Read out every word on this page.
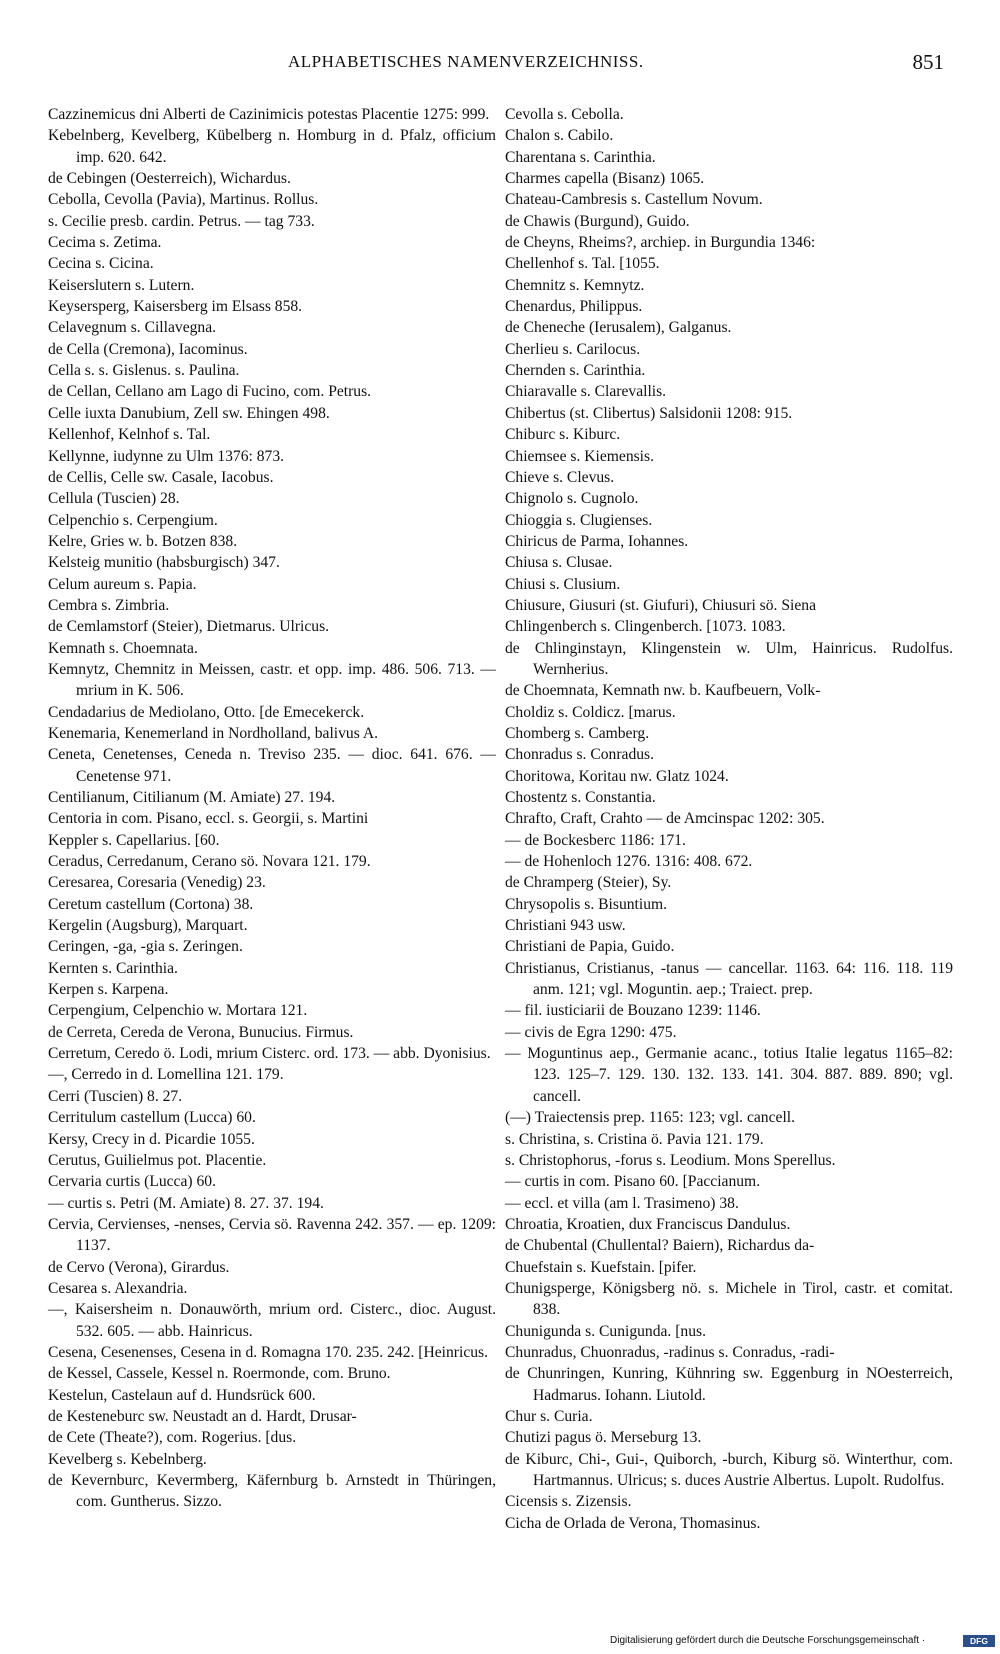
ALPHABETISCHES NAMENVERZEICHNISS.	851
Cazzinemicus dni Alberti de Cazinimicis potestas Placentie 1275: 999.
Kebelnberg, Kevelberg, Kübelberg n. Homburg in d. Pfalz, officium imp. 620. 642.
de Cebingen (Oesterreich), Wichardus.
Cebolla, Cevolla (Pavia), Martinus. Rollus.
s. Cecilie presb. cardin. Petrus. — tag 733.
Cecima s. Zetima.
Cecina s. Cicina.
Keiserslutern s. Lutern.
Keysersperg, Kaisersberg im Elsass 858.
Celavegnum s. Cillavegna.
de Cella (Cremona), Iacominus.
Cella s. s. Gislenus. s. Paulina.
de Cellan, Cellano am Lago di Fucino, com. Petrus.
Celle iuxta Danubium, Zell sw. Ehingen 498.
Kellenhof, Kelnhof s. Tal.
Kellynne, iudynne zu Ulm 1376: 873.
de Cellis, Celle sw. Casale, Iacobus.
Cellula (Tuscien) 28.
Celpenchio s. Cerpengium.
Kelre, Gries w. b. Botzen 838.
Kelsteig munitio (habsburgisch) 347.
Celum aureum s. Papia.
Cembra s. Zimbria.
de Cemlamstorf (Steier), Dietmarus. Ulricus.
Kemnath s. Choemnata.
Kemnytz, Chemnitz in Meissen, castr. et opp. imp. 486. 506. 713. — mrium in K. 506.
Cendadarius de Mediolano, Otto. [de Emecekerck.
Kenemaria, Kenemerland in Nordholland, balivus A.
Ceneta, Cenetenses, Ceneda n. Treviso 235. — dioc. 641. 676. — Cenetense 971.
Centilianum, Citilianum (M. Amiate) 27. 194.
Centoria in com. Pisano, eccl. s. Georgii, s. Martini
Keppler s. Capellarius. [60.
Ceradus, Cerredanum, Cerano sö. Novara 121. 179.
Ceresarea, Coresaria (Venedig) 23.
Ceretum castellum (Cortona) 38.
Kergelin (Augsburg), Marquart.
Ceringen, -ga, -gia s. Zeringen.
Kernten s. Carinthia.
Kerpen s. Karpena.
Cerpengium, Celpenchio w. Mortara 121.
de Cerreta, Cereda de Verona, Bunucius. Firmus.
Cerretum, Ceredo ö. Lodi, mrium Cisterc. ord. 173. — abb. Dyonisius.
—, Cerredo in d. Lomellina 121. 179.
Cerri (Tuscien) 8. 27.
Cerritulum castellum (Lucca) 60.
Kersy, Crecy in d. Picardie 1055.
Cerutus, Guilielmus pot. Placentie.
Cervaria curtis (Lucca) 60.
— curtis s. Petri (M. Amiate) 8. 27. 37. 194.
Cervia, Cervienses, -nenses, Cervia sö. Ravenna 242. 357. — ep. 1209: 1137.
de Cervo (Verona), Girardus.
Cesarea s. Alexandria.
—, Kaisersheim n. Donauwörth, mrium ord. Cisterc., dioc. August. 532. 605. — abb. Hainricus.
Cesena, Cesenenses, Cesena in d. Romagna 170. 235. 242. [Heinricus.
de Kessel, Cassele, Kessel n. Roermonde, com. Bruno.
Kestelun, Castelaun auf d. Hundsrück 600.
de Kesteneburc sw. Neustadt an d. Hardt, Drusar-
de Cete (Theate?), com. Rogerius. [dus.
Kevelberg s. Kebelnberg.
de Kevernburc, Kevermberg, Käfernburg b. Arnstedt in Thüringen, com. Guntherus. Sizzo.
Cevolla s. Cebolla.
Chalon s. Cabilo.
Charentana s. Carinthia.
Charmes capella (Bisanz) 1065.
Chateau-Cambresis s. Castellum Novum.
de Chawis (Burgund), Guido.
de Cheyns, Rheims?, archiep. in Burgundia 1346:
Chellenhof s. Tal. [1055.
Chemnitz s. Kemnytz.
Chenardus, Philippus.
de Cheneche (Ierusalem), Galganus.
Cherlieu s. Carilocus.
Chernden s. Carinthia.
Chiaravalle s. Clarevallis.
Chibertus (st. Clibertus) Salsidonii 1208: 915.
Chiburc s. Kiburc.
Chiemsee s. Kiemensis.
Chieve s. Clevus.
Chignolo s. Cugnolo.
Chioggia s. Clugienses.
Chiricus de Parma, Iohannes.
Chiusa s. Clusae.
Chiusi s. Clusium.
Chiusure, Giusuri (st. Giufuri), Chiusuri sö. Siena
Chlingenberch s. Clingenberch. [1073. 1083.
de Chlinginstayn, Klingenstein w. Ulm, Hainricus. Rudolfus. Wernherius.
de Choemnata, Kemnath nw. b. Kaufbeuern, Volk-
Choldiz s. Coldicz. [marus.
Chomberg s. Camberg.
Chonradus s. Conradus.
Choritowa, Koritau nw. Glatz 1024.
Chostentz s. Constantia.
Chrafto, Craft, Crahto — de Amcinspac 1202: 305.
— de Bockesberc 1186: 171.
— de Hohenloch 1276. 1316: 408. 672.
de Chramperg (Steier), Sy.
Chrysopolis s. Bisuntium.
Christiani 943 usw.
Christiani de Papia, Guido.
Christianus, Cristianus, -tanus — cancellar. 1163. 64: 116. 118. 119 anm. 121; vgl. Moguntin. aep.; Traiect. prep.
— fil. iusticiarii de Bouzano 1239: 1146.
— civis de Egra 1290: 475.
— Moguntinus aep., Germanie acanc., totius Italie legatus 1165–82: 123. 125–7. 129. 130. 132. 133. 141. 304. 887. 889. 890; vgl. cancell.
(—) Traiectensis prep. 1165: 123; vgl. cancell.
s. Christina, s. Cristina ö. Pavia 121. 179.
s. Christophorus, -forus s. Leodium. Mons Sperellus.
— curtis in com. Pisano 60. [Paccianum.
— eccl. et villa (am l. Trasimeno) 38.
Chroatia, Kroatien, dux Franciscus Dandulus.
de Chubental (Chullental? Baiern), Richardus da-
Chuefstain s. Kuefstain. [pifer.
Chunigsperge, Königsberg nö. s. Michele in Tirol, castr. et comitat. 838.
Chunigunda s. Cunigunda. [nus.
Chunradus, Chuonradus, -radinus s. Conradus, -radi-
de Chunringen, Kunring, Kühnring sw. Eggenburg in NOesterreich, Hadmarus. Iohann. Liutold.
Chur s. Curia.
Chutizi pagus ö. Merseburg 13.
de Kiburc, Chi-, Gui-, Quiborch, -burch, Kiburg sö. Winterthur, com. Hartmannus. Ulricus; s. duces Austrie Albertus. Lupolt. Rudolfus.
Cicensis s. Zizensis.
Cicha de Orlada de Verona, Thomasinus.
Digitalisierung gefördert durch die Deutsche Forschungsgemeinschaft ·	DFG
